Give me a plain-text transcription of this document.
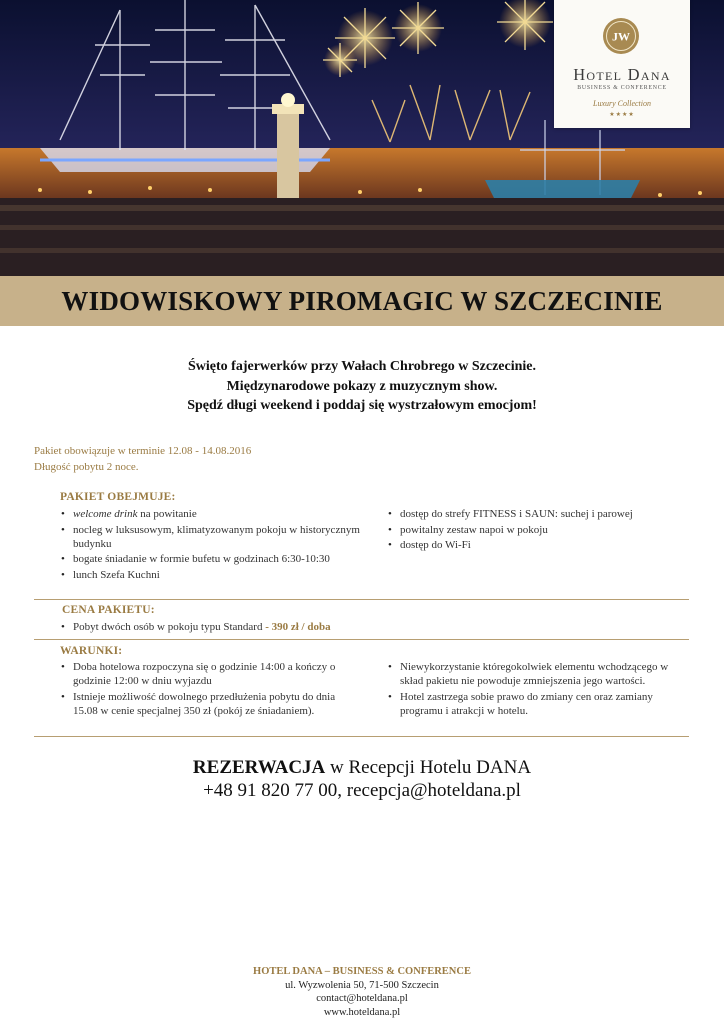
JW
Hotel Dana
BUSINESS & CONFERENCE
Luxury Collection
★★★★
WIDOWISKOWY PIROMAGIC W SZCZECINIE
Święto fajerwerków przy Wałach Chrobrego w Szczecinie.
Międzynarodowe pokazy z muzycznym show.
Spędź długi weekend i poddaj się wystrzałowym emocjom!
Pakiet obowiązuje w terminie 12.08 - 14.08.2016
Długość pobytu 2 noce.
PAKIET OBEJMUJE:
• welcome drink na powitanie
• nocleg w luksusowym, klimatyzowanym pokoju w historycznym budynku
• bogate śniadanie w formie bufetu w godzinach 6:30-10:30
• lunch Szefa Kuchni
• dostęp do strefy FITNESS i SAUN: suchej i parowej
• powitalny zestaw napoi w pokoju
• dostęp do Wi-Fi
CENA PAKIETU:
• Pobyt dwóch osób w pokoju typu Standard - 390 zł / doba
WARUNKI:
• Doba hotelowa rozpoczyna się o godzinie 14:00 a kończy o godzinie 12:00 w dniu wyjazdu
• Istnieje możliwość dowolnego przedłużenia pobytu do dnia 15.08 w cenie specjalnej 350 zł (pokój ze śniadaniem).
• Niewykorzystanie któregokolwiek elementu wchodzącego w skład pakietu nie powoduje zmniejszenia jego wartości.
• Hotel zastrzega sobie prawo do zmiany cen oraz zamiany programu i atrakcji w hotelu.
REZERWACJA w Recepcji Hotelu DANA
+48 91 820 77 00, recepcja@hoteldana.pl
HOTEL DANA – BUSINESS & CONFERENCE
ul. Wyzwolenia 50, 71-500 Szczecin
contact@hoteldana.pl
www.hoteldana.pl
